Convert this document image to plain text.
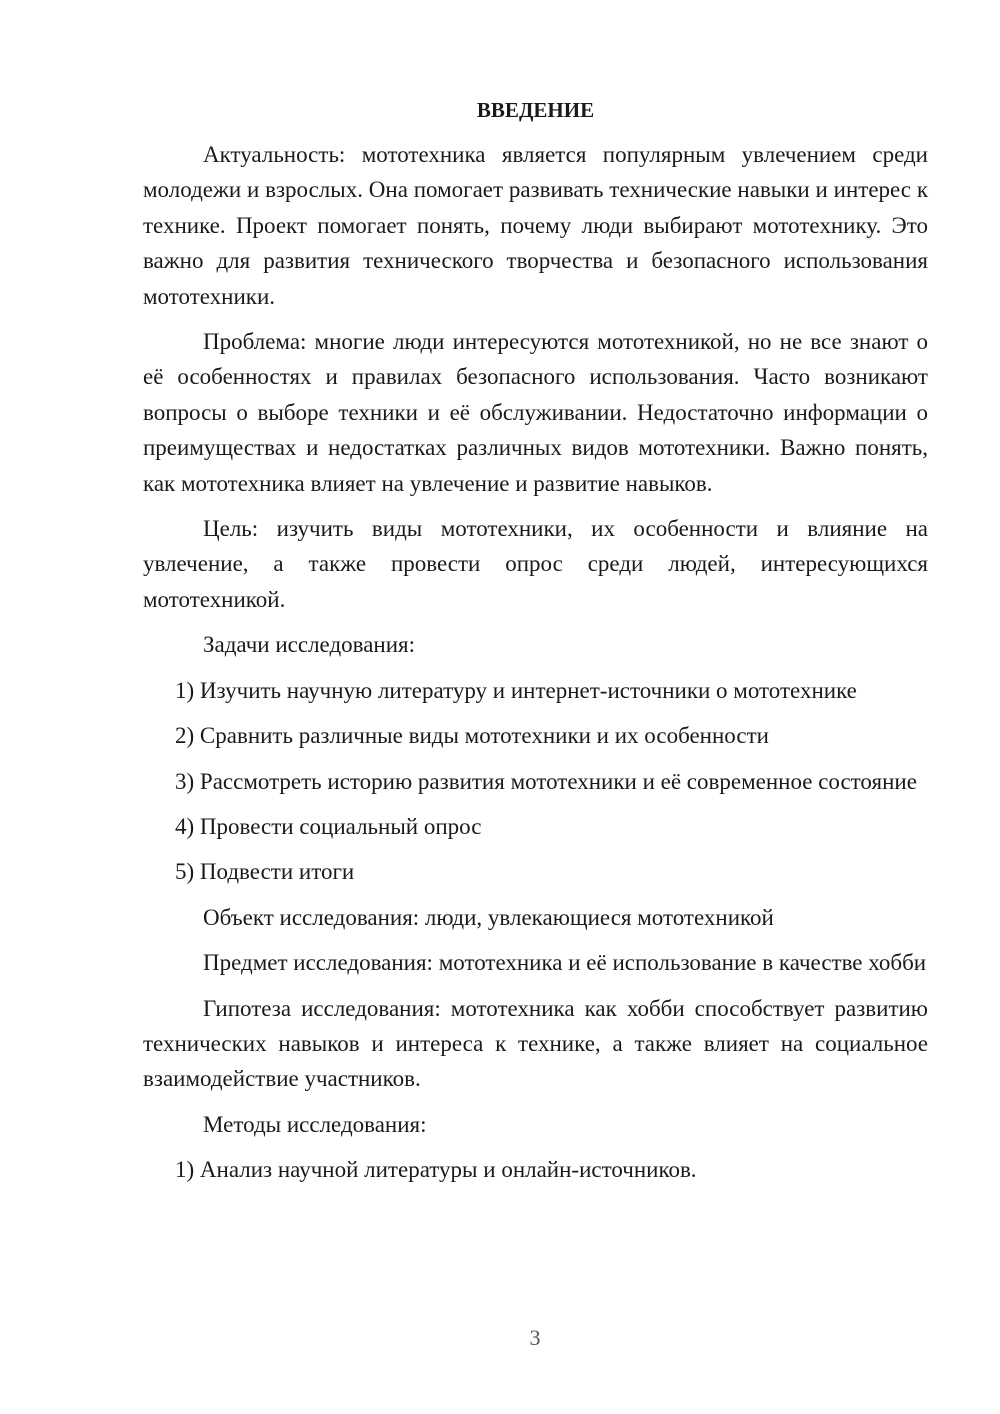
ВВЕДЕНИЕ

Актуальность: мототехника является популярным увлечением среди молодежи и взрослых. Она помогает развивать технические навыки и интерес к технике. Проект помогает понять, почему люди выбирают мототехнику. Это важно для развития технического творчества и безопасного использования мототехники.

Проблема: многие люди интересуются мототехникой, но не все знают о её особенностях и правилах безопасного использования. Часто возникают вопросы о выборе техники и её обслуживании. Недостаточно информации о преимуществах и недостатках различных видов мототехники. Важно понять, как мототехника влияет на увлечение и развитие навыков.

Цель: изучить виды мототехники, их особенности и влияние на увлечение, а также провести опрос среди людей, интересующихся мототехникой.

Задачи исследования:

1) Изучить научную литературу и интернет-источники о мототехнике

2) Сравнить различные виды мототехники и их особенности

3) Рассмотреть историю развития мототехники и её современное состояние

4) Провести социальный опрос

5) Подвести итоги

Объект исследования: люди, увлекающиеся мототехникой

Предмет исследования: мототехника и её использование в качестве хобби

Гипотеза исследования: мототехника как хобби способствует развитию технических навыков и интереса к технике, а также влияет на социальное взаимодействие участников.

Методы исследования:

1) Анализ научной литературы и онлайн-источников.

3
